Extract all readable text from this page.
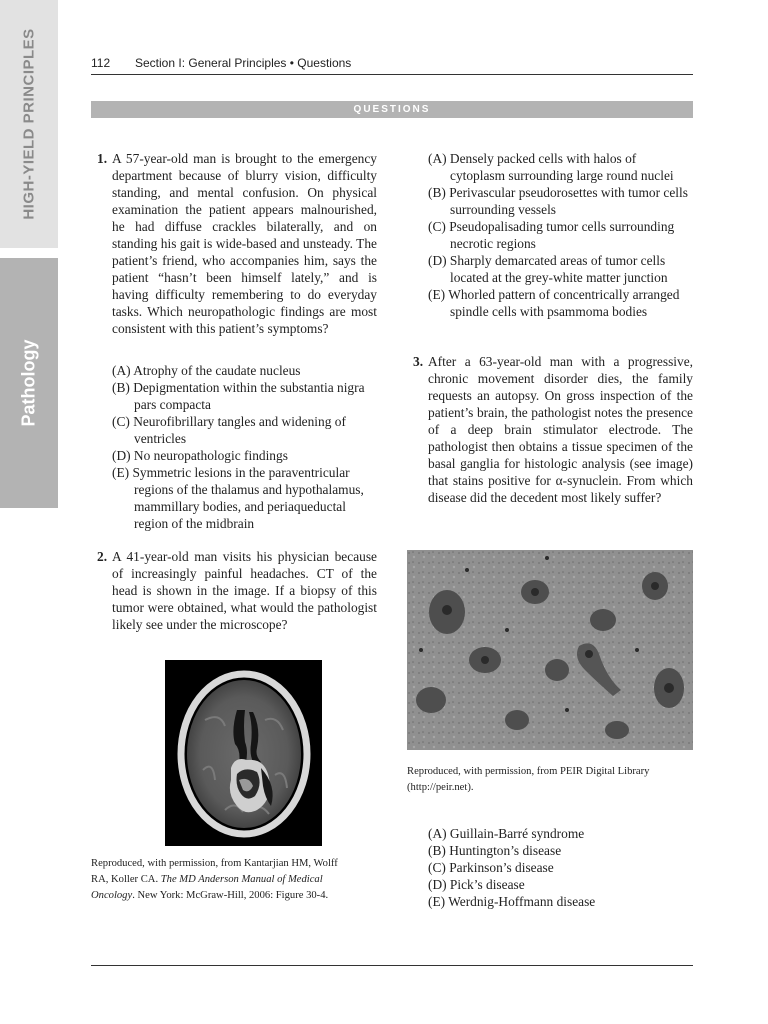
HIGH-YIELD PRINCIPLES
Pathology
112 Section I: General Principles • Questions
QUESTIONS
1. A 57-year-old man is brought to the emergency department because of blurry vision, difficulty standing, and mental confusion. On physical examination the patient appears malnourished, he had diffuse crackles bilaterally, and on standing his gait is wide-based and unsteady. The patient’s friend, who accompanies him, says the patient “hasn’t been himself lately,” and is having difficulty remembering to do everyday tasks. Which neuropathologic findings are most consistent with this patient’s symptoms?
(A) Atrophy of the caudate nucleus
(B) Depigmentation within the substantia nigra pars compacta
(C) Neurofibrillary tangles and widening of ventricles
(D) No neuropathologic findings
(E) Symmetric lesions in the paraventricular regions of the thalamus and hypothalamus, mammillary bodies, and periaqueductal region of the midbrain
2. A 41-year-old man visits his physician because of increasingly painful headaches. CT of the head is shown in the image. If a biopsy of this tumor were obtained, what would the pathologist likely see under the microscope?
Reproduced, with permission, from Kantarjian HM, Wolff RA, Koller CA. The MD Anderson Manual of Medical Oncology. New York: McGraw-Hill, 2006: Figure 30-4.
(A) Densely packed cells with halos of cytoplasm surrounding large round nuclei
(B) Perivascular pseudorosettes with tumor cells surrounding vessels
(C) Pseudopalisading tumor cells surrounding necrotic regions
(D) Sharply demarcated areas of tumor cells located at the grey-white matter junction
(E) Whorled pattern of concentrically arranged spindle cells with psammoma bodies
3. After a 63-year-old man with a progressive, chronic movement disorder dies, the family requests an autopsy. On gross inspection of the patient’s brain, the pathologist notes the presence of a deep brain stimulator electrode. The pathologist then obtains a tissue specimen of the basal ganglia for histologic analysis (see image) that stains positive for α-synuclein. From which disease did the decedent most likely suffer?
Reproduced, with permission, from PEIR Digital Library (http://peir.net).
(A) Guillain-Barré syndrome
(B) Huntington’s disease
(C) Parkinson’s disease
(D) Pick’s disease
(E) Werdnig-Hoffmann disease
